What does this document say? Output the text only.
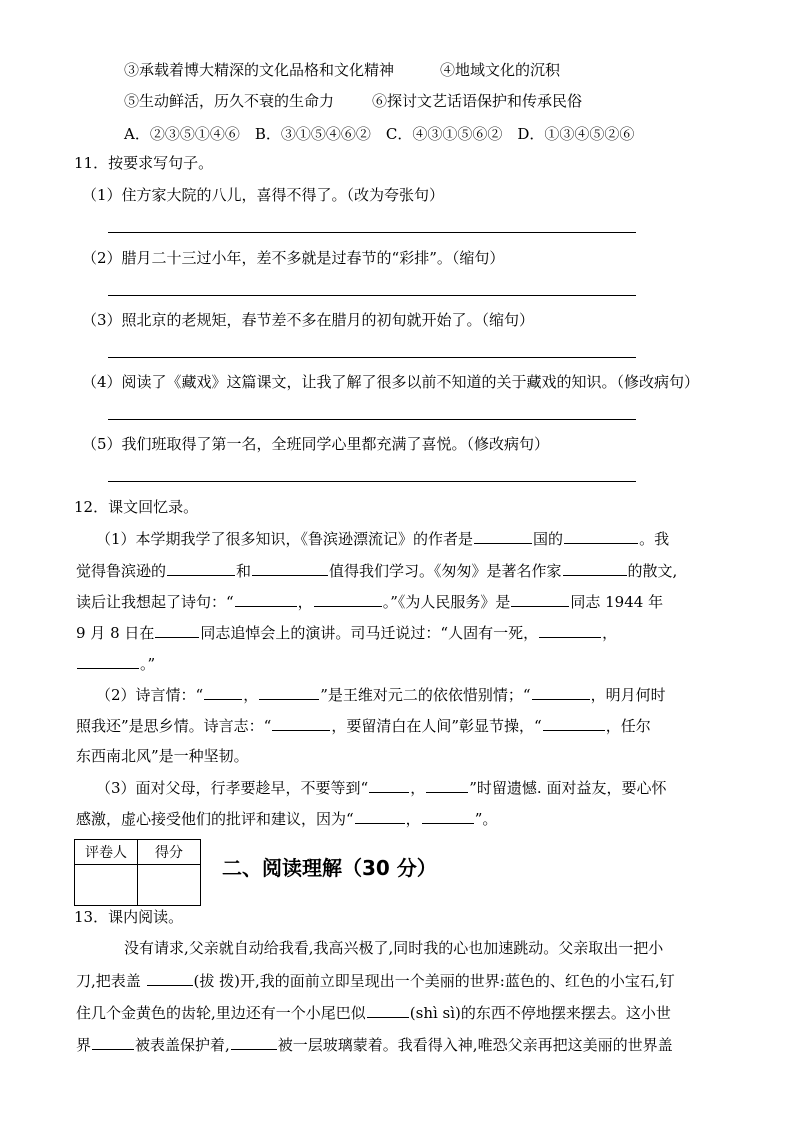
③承载着博大精深的文化品格和文化精神	④地域文化的沉积
⑤生动鲜活，历久不衰的生命力	⑥探讨文艺话语保护和传承民俗
A．②③⑤①④⑥　B．③①⑤④⑥②　C．④③①⑤⑥②　D．①③④⑤②⑥
11．按要求写句子。
（1）住方家大院的八儿，喜得不得了。（改为夸张句）
（2）腊月二十三过小年，差不多就是过春节的“彩排”。（缩句）
（3）照北京的老规矩，春节差不多在腊月的初旬就开始了。（缩句）
（4）阅读了《藏戏》这篇课文，让我了解了很多以前不知道的关于藏戏的知识。（修改病句）
（5）我们班取得了第一名，全班同学心里都充满了喜悦。（修改病句）
12．课文回忆录。
（1）本学期我学了很多知识，《鲁滨逊漂流记》的作者是	国的	。我
觉得鲁滨逊的	和	值得我们学习。《匆匆》是著名作家	的散文,
读后让我想起了诗句：“	，	。”《为人民服务》是	同志 1944 年
9 月 8 日在	同志追悼会上的演讲。司马迁说过：“人固有一死，	，
。”
（2）诗言情：“	，	”是王维对元二的依依惜别情；“	，明月何时
照我还”是思乡情。诗言志：“	，要留清白在人间”彰显节操，“	，任尔
东西南北风”是一种坚韧。
（3）面对父母，行孝要趁早，不要等到“	，	”时留遗憾. 面对益友，要心怀
感激，虚心接受他们的批评和建议，因为“	，	”。
评卷人	得分

二、阅读理解（30 分）
13．课内阅读。
没有请求,父亲就自动给我看,我高兴极了,同时我的心也加速跳动。父亲取出一把小
刀,把表盖	(拔 拨)开,我的面前立即呈现出一个美丽的世界:蓝色的、红色的小宝石,钉
住几个金黄色的齿轮,里边还有一个小尾巴似	(shì sì)的东西不停地摆来摆去。这小世
界	被表盖保护着,	被一层玻璃蒙着。我看得入神,唯恐父亲再把这美丽的世界盖
